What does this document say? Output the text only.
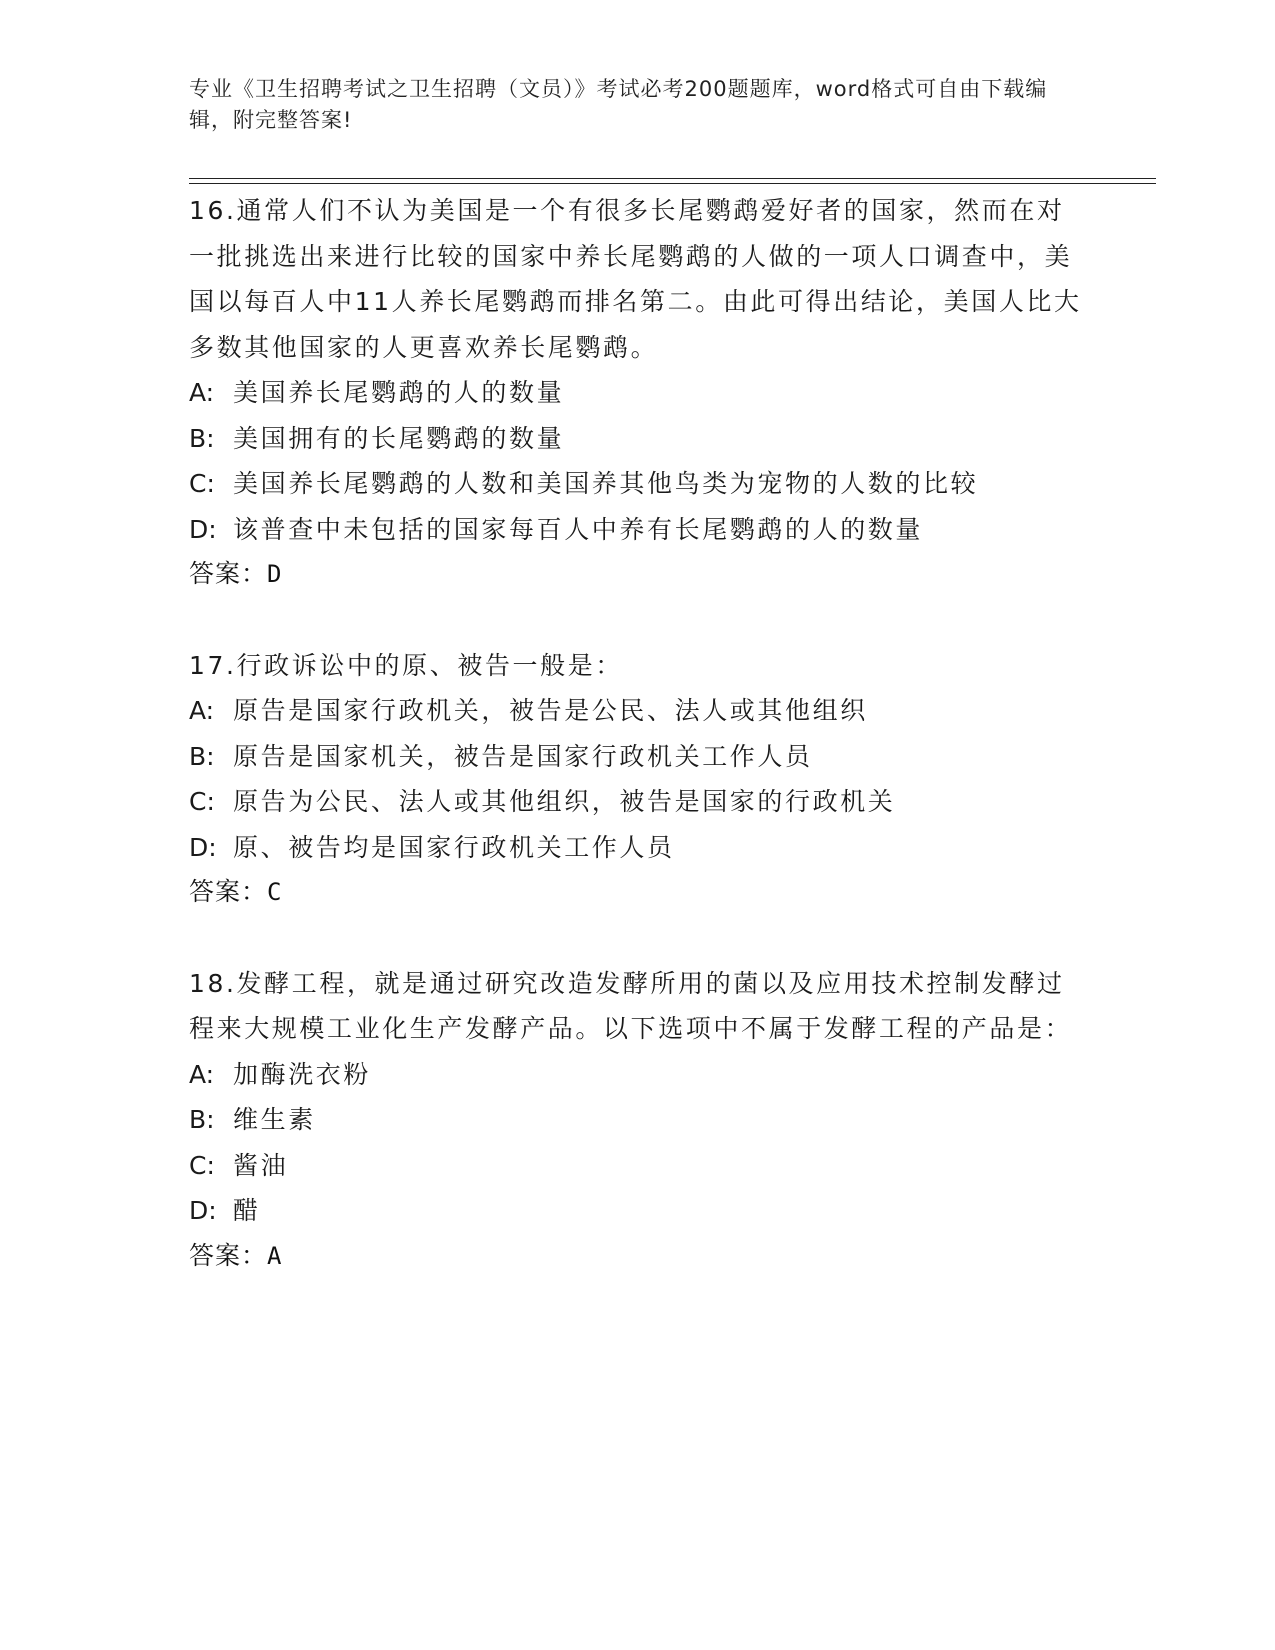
专业《卫生招聘考试之卫生招聘（文员）》考试必考200题题库，word格式可自由下载编辑，附完整答案!
16.通常人们不认为美国是一个有很多长尾鹦鹉爱好者的国家，然而在对一批挑选出来进行比较的国家中养长尾鹦鹉的人做的一项人口调查中，美国以每百人中11人养长尾鹦鹉而排名第二。由此可得出结论，美国人比大多数其他国家的人更喜欢养长尾鹦鹉。
A: 美国养长尾鹦鹉的人的数量
B: 美国拥有的长尾鹦鹉的数量
C: 美国养长尾鹦鹉的人数和美国养其他鸟类为宠物的人数的比较
D: 该普查中未包括的国家每百人中养有长尾鹦鹉的人的数量
答案：D
17.行政诉讼中的原、被告一般是：
A: 原告是国家行政机关，被告是公民、法人或其他组织
B: 原告是国家机关，被告是国家行政机关工作人员
C: 原告为公民、法人或其他组织，被告是国家的行政机关
D: 原、被告均是国家行政机关工作人员
答案：C
18.发酵工程，就是通过研究改造发酵所用的菌以及应用技术控制发酵过程来大规模工业化生产发酵产品。以下选项中不属于发酵工程的产品是：
A: 加酶洗衣粉
B: 维生素
C: 酱油
D: 醋
答案：A
